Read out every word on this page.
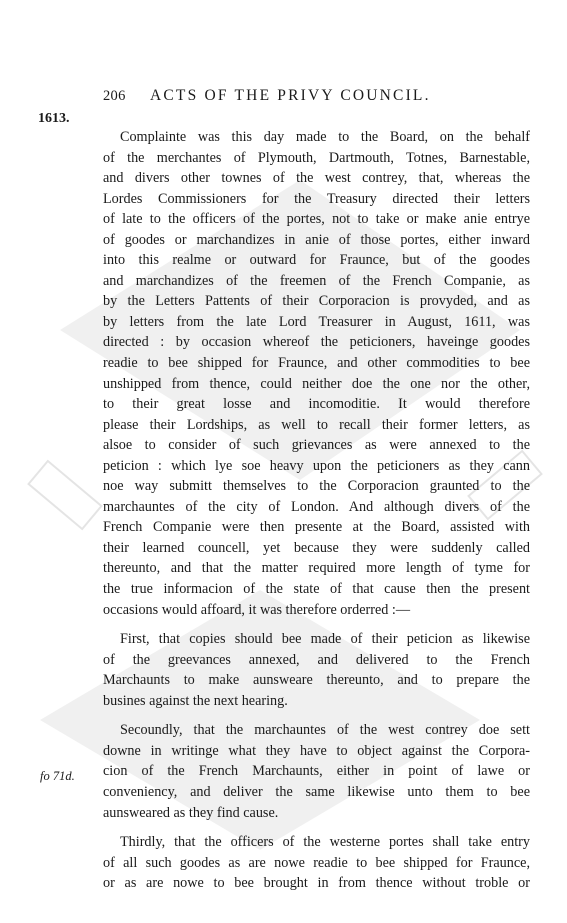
206 ACTS OF THE PRIVY COUNCIL.
1613.
fo 71d.

Complainte was this day made to the Board, on the behalf
of the merchantes of Plymouth, Dartmouth, Totnes, Barnestable,
and divers other townes of the west contrey, that, whereas the
Lordes Commissioners for the Treasury directed their letters
of late to the officers of the portes, not to take or make anie entrye
of goodes or marchandizes in anie of those portes, either inward
into this realme or outward for Fraunce, but of the goodes
and marchandizes of the freemen of the French Companie, as
by the Letters Pattents of their Corporacion is provyded, and as
by letters from the late Lord Treasurer in August, 1611, was
directed : by occasion whereof the peticioners, haveinge goodes
readie to bee shipped for Fraunce, and other commodities to bee
unshipped from thence, could neither doe the one nor the other,
to their great losse and incomoditie. It would therefore
please their Lordships, as well to recall their former letters, as
alsoe to consider of such grievances as were annexed to the
peticion : which lye soe heavy upon the peticioners as they cann
noe way submitt themselves to the Corporacion graunted to the
marchauntes of the city of London. And although divers of the
French Companie were then presente at the Board, assisted with
their learned councell, yet because they were suddenly called
thereunto, and that the matter required more length of tyme for
the true informacion of the state of that cause then the present
occasions would affoard, it was therefore orderred :—

First, that copies should bee made of their peticion as likewise
of the greevances annexed, and delivered to the French
Marchaunts to make aunsweare thereunto, and to prepare the
busines against the next hearing.

Secoundly, that the marchauntes of the west contrey doe sett
downe in writinge what they have to object against the Corpora-
cion of the French Marchaunts, either in point of lawe or
conveniency, and deliver the same likewise unto them to bee
aunsweared as they find cause.

Thirdly, that the officers of the westerne portes shall take entry
of all such goodes as are nowe readie to bee shipped for Fraunce,
or as are nowe to bee brought in from thence without troble or
